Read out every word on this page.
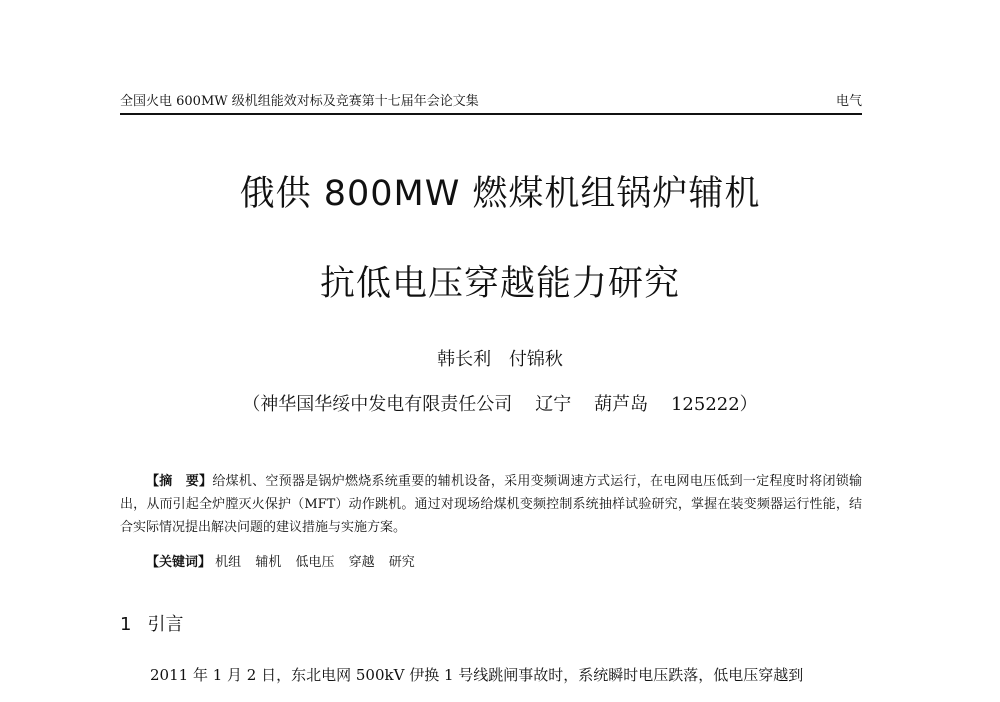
全国火电 600MW 级机组能效对标及竞赛第十七届年会论文集	电气
俄供 800MW 燃煤机组锅炉辅机
抗低电压穿越能力研究
韩长利 付锦秋
（神华国华绥中发电有限责任公司    辽宁    葫芦岛    125222）

【摘　要】给煤机、空预器是锅炉燃烧系统重要的辅机设备，采用变频调速方式运行，在电网电压低到一定程度时将闭锁输出，从而引起全炉膛灭火保护（MFT）动作跳机。通过对现场给煤机变频控制系统抽样试验研究，掌握在装变频器运行性能，结合实际情况提出解决问题的建议措施与实施方案。

【关键词】 机组 辅机 低电压 穿越 研究
1 引言

2011 年 1 月 2 日，东北电网 500kV 伊换 1 号线跳闸事故时，系统瞬时电压跌落，低电压穿越到
